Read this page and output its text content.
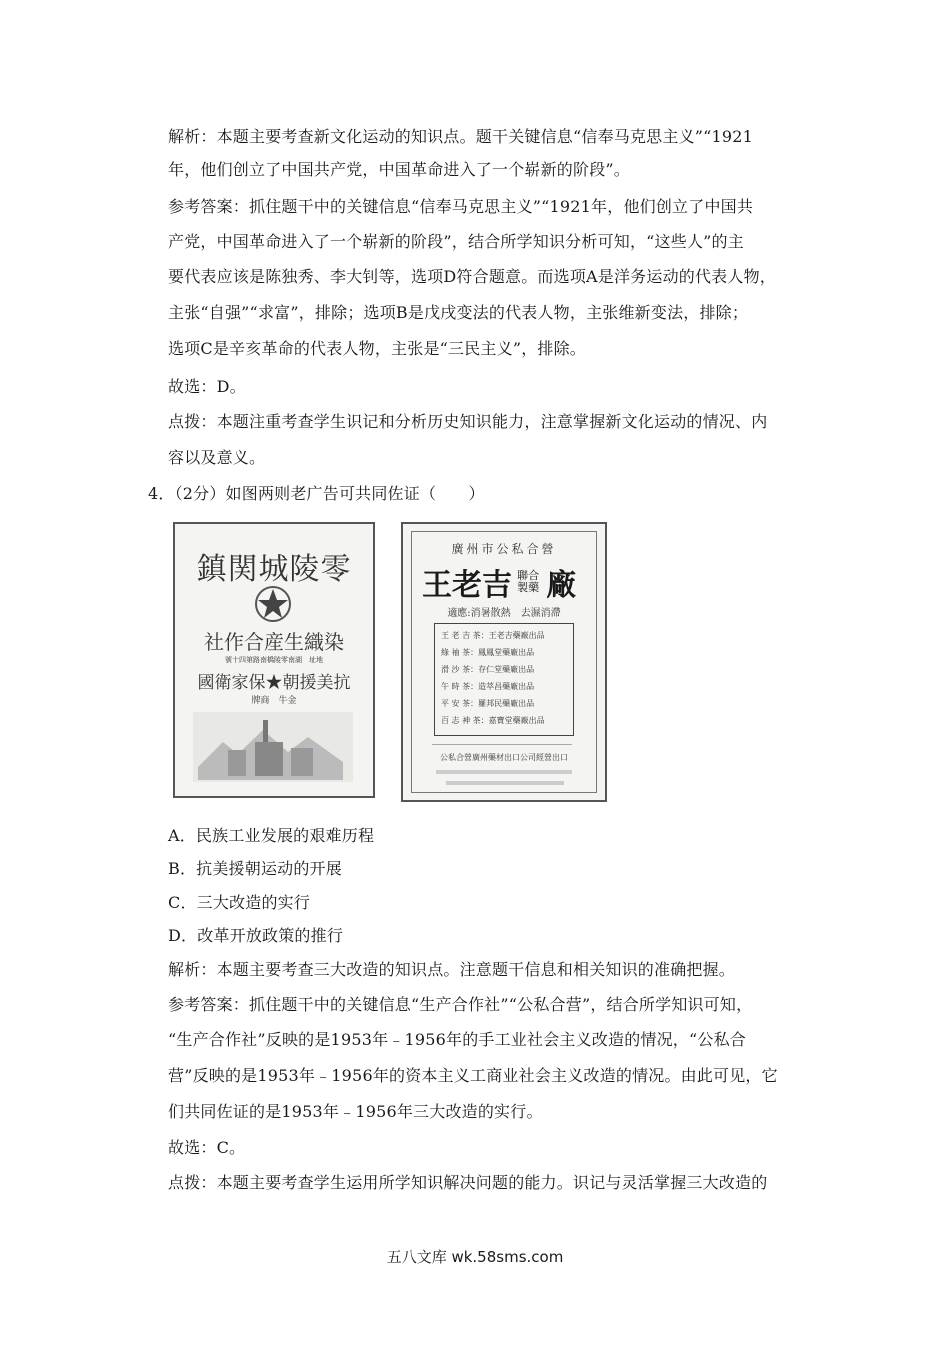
解析：本题主要考查新文化运动的知识点。题干关键信息“信奉马克思主义”“1921
年，他们创立了中国共产党，中国革命进入了一个崭新的阶段”。
参考答案：抓住题干中的关键信息“信奉马克思主义”“1921年，他们创立了中国共
产党，中国革命进入了一个崭新的阶段”，结合所学知识分析可知，“这些人”的主
要代表应该是陈独秀、李大钊等，选项D符合题意。而选项A是洋务运动的代表人物，
主张“自强”“求富”，排除；选项B是戊戌变法的代表人物，主张维新变法，排除；
选项C是辛亥革命的代表人物，主张是“三民主义”，排除。
故选：D。
点拨：本题注重考查学生识记和分析历史知识能力，注意掌握新文化运动的情况、内
容以及意义。
4．（2分）如图两则老广告可共同佐证（　　）
鎮関城陵零
社作合産生織染
號十四第路南橋陵零南湖　址地
國衛家保★朝援美抗
牌商　牛金
廣州市公私合營
王老吉 聯合製藥 廠
適應:消暑散熱　去濕消滯
王 老 吉 茶：王老吉藥廠出品
綠 袖 茶：鳳鳳堂藥廠出品
滑 沙 茶：存仁堂藥廠出品
午 時 茶：造萃昌藥廠出品
平 安 茶：羅邦民藥廠出品
百 志 神 茶：嘉寶堂藥廠出品
公私合營廣州藥材出口公司經營出口
A．民族工业发展的艰难历程
B．抗美援朝运动的开展
C．三大改造的实行
D．改革开放政策的推行
解析：本题主要考查三大改造的知识点。注意题干信息和相关知识的准确把握。
参考答案：抓住题干中的关键信息“生产合作社”“公私合营”，结合所学知识可知，
“生产合作社”反映的是1953年﹣1956年的手工业社会主义改造的情况，“公私合
营”反映的是1953年﹣1956年的资本主义工商业社会主义改造的情况。由此可见，它
们共同佐证的是1953年﹣1956年三大改造的实行。
故选：C。
点拨：本题主要考查学生运用所学知识解决问题的能力。识记与灵活掌握三大改造的
五八文库 wk.58sms.com
